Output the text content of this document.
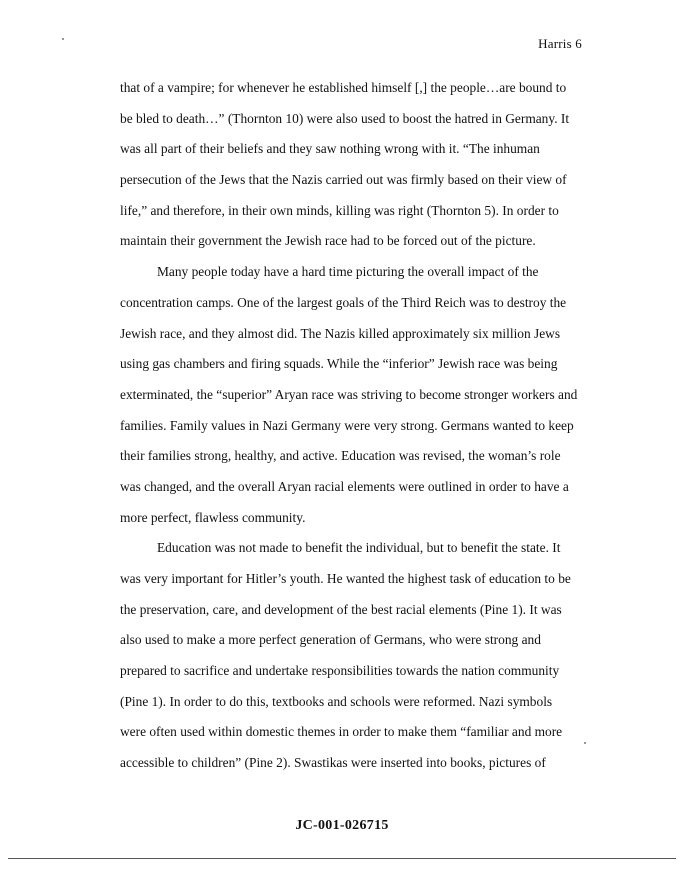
Harris 6
that of a vampire; for whenever he established himself [,] the people…are bound to
be bled to death…” (Thornton 10) were also used to boost the hatred in Germany. It
was all part of their beliefs and they saw nothing wrong with it. “The inhuman
persecution of the Jews that the Nazis carried out was firmly based on their view of
life,” and therefore, in their own minds, killing was right (Thornton 5). In order to
maintain their government the Jewish race had to be forced out of the picture.
Many people today have a hard time picturing the overall impact of the
concentration camps. One of the largest goals of the Third Reich was to destroy the
Jewish race, and they almost did. The Nazis killed approximately six million Jews
using gas chambers and firing squads. While the “inferior” Jewish race was being
exterminated, the “superior” Aryan race was striving to become stronger workers and
families. Family values in Nazi Germany were very strong. Germans wanted to keep
their families strong, healthy, and active. Education was revised, the woman’s role
was changed, and the overall Aryan racial elements were outlined in order to have a
more perfect, flawless community.
Education was not made to benefit the individual, but to benefit the state. It
was very important for Hitler’s youth. He wanted the highest task of education to be
the preservation, care, and development of the best racial elements (Pine 1). It was
also used to make a more perfect generation of Germans, who were strong and
prepared to sacrifice and undertake responsibilities towards the nation community
(Pine 1). In order to do this, textbooks and schools were reformed. Nazi symbols
were often used within domestic themes in order to make them “familiar and more
accessible to children” (Pine 2). Swastikas were inserted into books, pictures of
JC-001-026715
